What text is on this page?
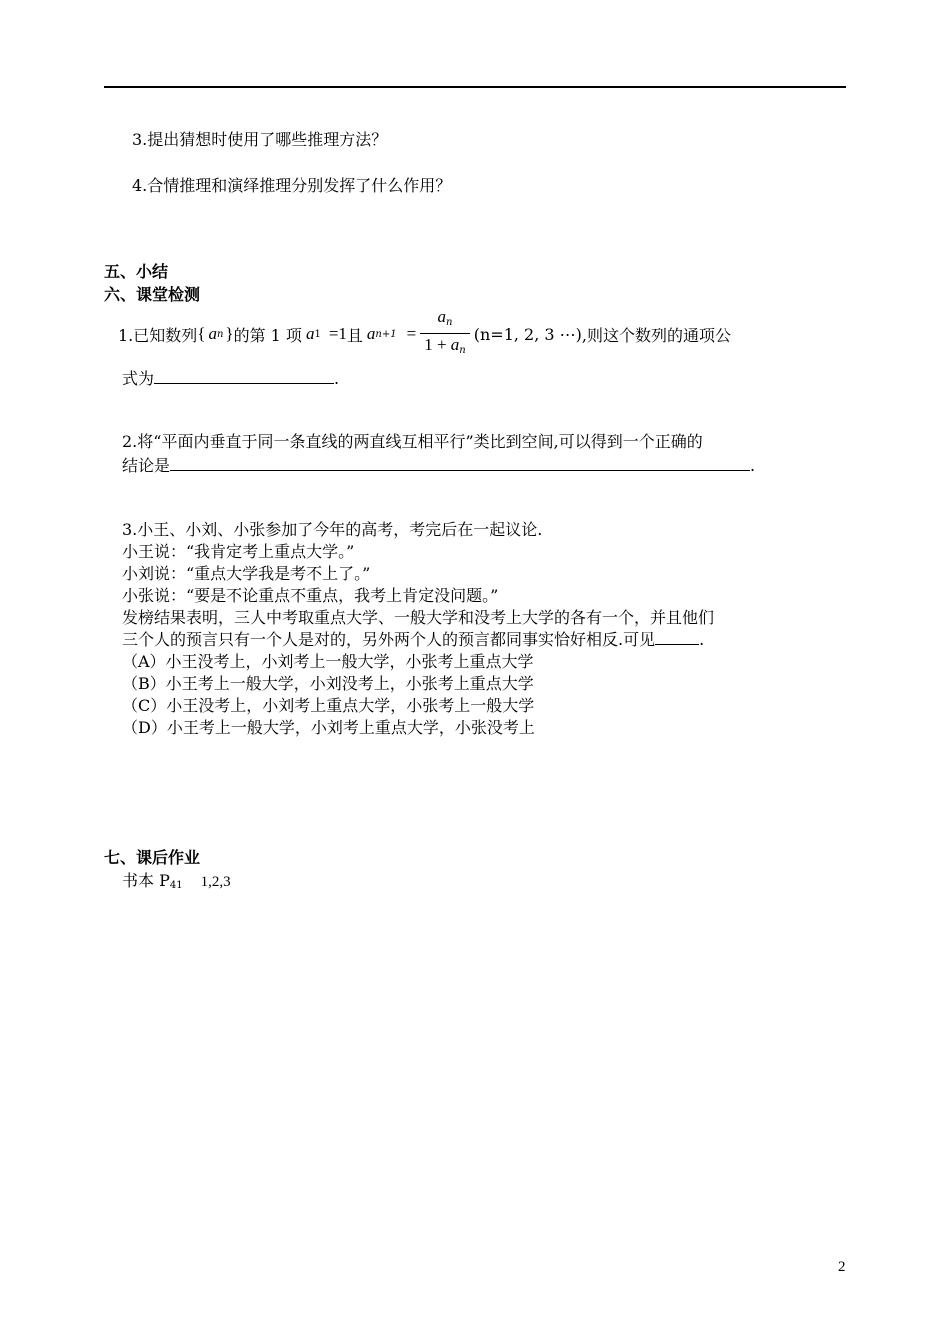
3.提出猜想时使用了哪些推理方法？
4.合情推理和演绎推理分别发挥了什么作用？
五、小结
六、课堂检测
1.已知数列 { a n } 的第 1 项 a 1 =1 且 a $n+1 = \frac{a_n}{1 + a_n} (n=1$, 2, 3 ⋯) ,则这个数列的通项公
式为	.
2.将“平面内垂直于同一条直线的两直线互相平行”类比到空间,可以得到一个正确的
结论是	.
3.小王、小刘、小张参加了今年的高考，考完后在一起议论.
小王说：“我肯定考上重点大学。”
小刘说：“重点大学我是考不上了。”
小张说：“要是不论重点不重点，我考上肯定没问题。”
发榜结果表明，三人中考取重点大学、一般大学和没考上大学的各有一个，并且他们
三个人的预言只有一个人是对的，另外两个人的预言都同事实恰好相反.可见	.
（A）小王没考上，小刘考上一般大学，小张考上重点大学
（B）小王考上一般大学，小刘没考上，小张考上重点大学
（C）小王没考上，小刘考上重点大学，小张考上一般大学
（D）小王考上一般大学，小刘考上重点大学，小张没考上
七、课后作业
书本 $P_{41}$ 1,2,3
2
